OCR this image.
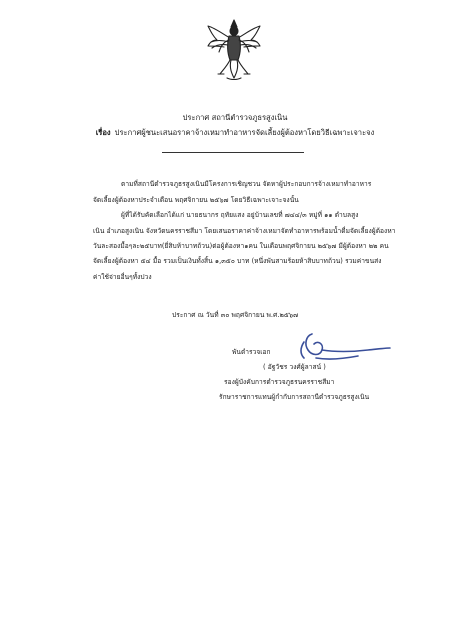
ประกาศ สถานีตำรวจภูธรสูงเนิน
เรื่อง ประกาศผู้ชนะเสนอราคาจ้างเหมาทำอาหารจัดเลี้ยงผู้ต้องหาโดยวิธีเฉพาะเจาะจง
ตามที่สถานีตำรวจภูธรสูงเนินมีโครงการเชิญชวน จัดหาผู้ประกอบการจ้างเหมาทำอาหาร
จัดเลี้ยงผู้ต้องหาประจำเดือน พฤศจิกายน ๒๕๖๗ โดยวิธีเฉพาะเจาะจงนั้น
ผู้ที่ได้รับคัดเลือกได้แก่ นายธนากร ฤทัยแสง อยู่บ้านเลขที่ ๗๔๔/๓ หมู่ที่ ๑๑ ตำบลสูง
เนิน อำเภอสูงเนิน จังหวัดนครราชสีมา โดยเสนอราคาค่าจ้างเหมาจัดทำอาหารพร้อมน้ำดื่มจัดเลี้ยงผู้ต้องหา
วันละสองมื้อๆละ๒๕บาท(ยี่สิบห้าบาทถ้วน)ต่อผู้ต้องหา๑คน ในเดือนพฤศจิกายน ๒๕๖๗ มีผู้ต้องหา ๒๒ คน
จัดเลี้ยงผู้ต้องหา ๕๔ มื้อ รวมเป็นเงินทั้งสิ้น ๑,๓๕๐ บาท (หนึ่งพันสามร้อยห้าสิบบาทถ้วน) รวมค่าขนส่ง
ค่าใช้จ่ายอื่นๆทั้งปวง
ประกาศ ณ วันที่ ๓๐ พฤศจิกายน พ.ศ.๒๕๖๗
พันตำรวจเอก
( อัฐวัชร วงศ์ผู้ลาสน์ )
รองผู้บังคับการตำรวจภูธรนครราชสีมา
รักษาราชการแทนผู้กำกับการสถานีตำรวจภูธรสูงเนิน
